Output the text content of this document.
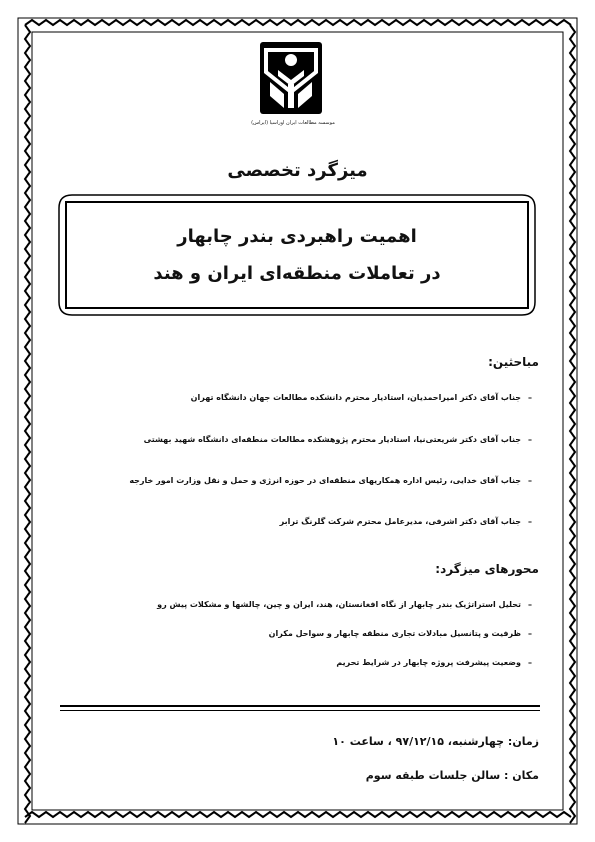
موسسه مطالعات ایران اوراسیا (ایراس)
میزگرد تخصصی
اهمیت راهبردی بندر چابهار
در تعاملات منطقه‌ای ایران و هند
مباحثین:
–جناب آقای دکتر امیراحمدیان، استادیار محترم دانشکده مطالعات جهان دانشگاه تهران
–جناب آقای دکتر شریعتی‌نیا، استادیار محترم پژوهشکده مطالعات منطقه‌ای دانشگاه شهید بهشتی
–جناب آقای خدایی، رئیس اداره همکاریهای منطقه‌ای در حوزه انرژی و حمل و نقل وزارت امور خارجه
–جناب آقای دکتر اشرفی، مدیرعامل محترم شرکت گلرنگ ترابر
محورهای میزگرد:
–تحلیل استراتژیک بندر چابهار از نگاه افغانستان، هند، ایران و چین، چالشها و مشکلات پیش رو
–ظرفیت و پتانسیل مبادلات تجاری منطقه چابهار و سواحل مکران
–وضعیت پیشرفت پروژه چابهار در شرایط تحریم
زمان: چهارشنبه، ۹۷/۱۲/۱۵ ، ساعت ۱۰
مکان : سالن جلسات طبقه سوم
